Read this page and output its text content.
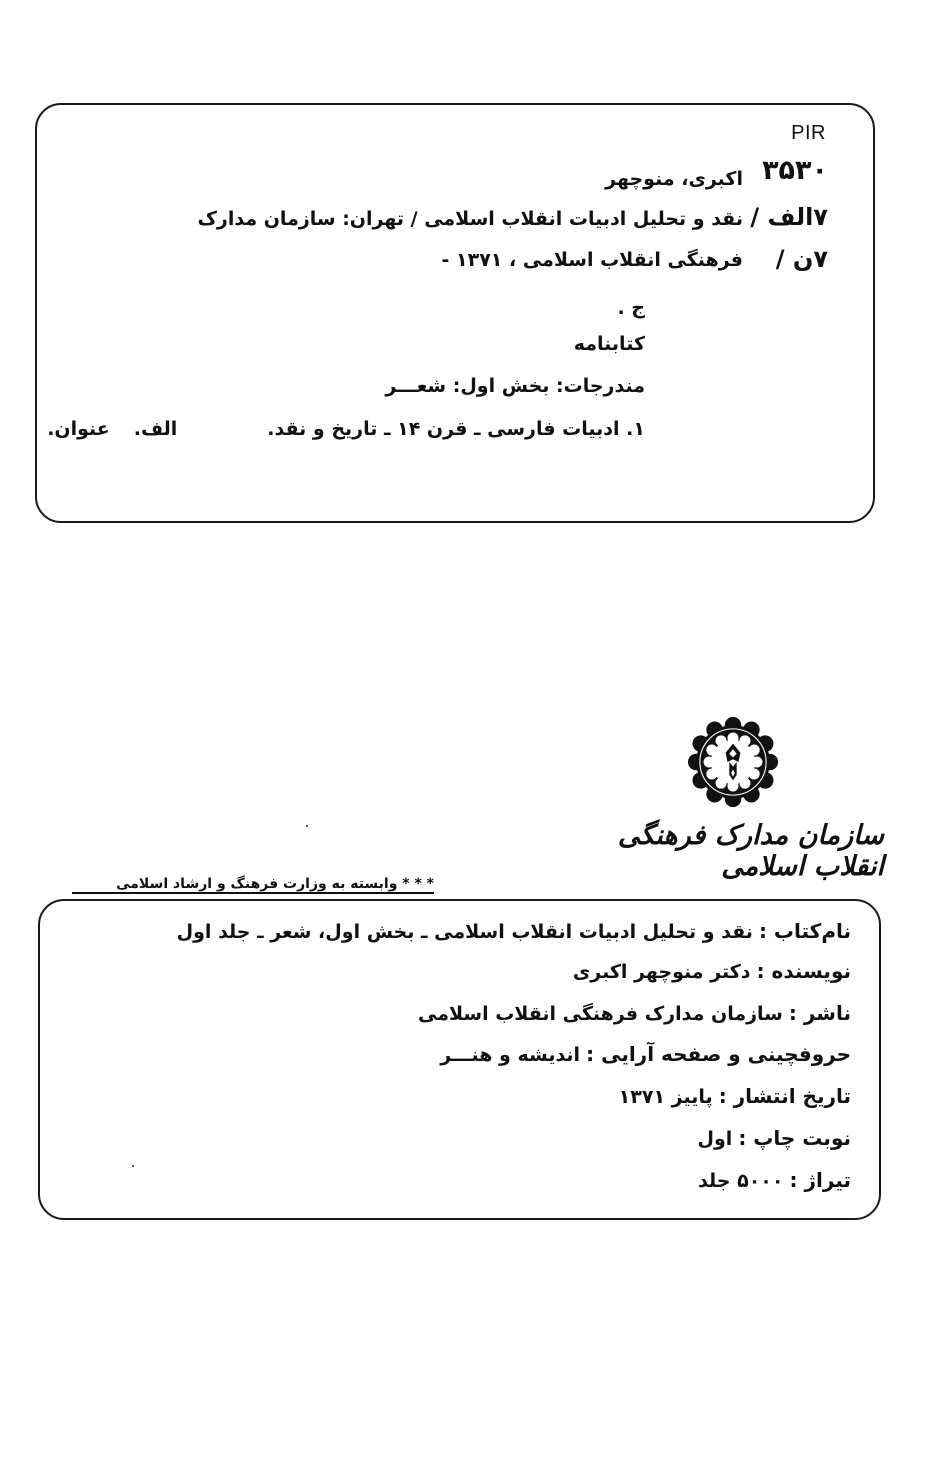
PIR
۳۵۳۰
۷الف /
۷ن /
اکبری، منوچهر
نقد و تحلیل ادبیات انقلاب اسلامی / تهران: سازمان مدارک
فرهنگی انقلاب اسلامی ، ۱۳۷۱ -
ج .
کتابنامه
مندرجات: بخش اول: شعـــر
۱. ادبیات فارسی ـ قرن ۱۴ ـ تاریخ و نقد.
الف.
عنوان.
سازمان مدارک فرهنگی انقلاب اسلامی
* * * وابسته به وزارت فرهنگ و ارشاد اسلامی
نام‌کتاب : نقد و تحلیل ادبیات انقلاب اسلامی ـ بخش اول، شعر ـ جلد اول
نویسنده : دکتر منوچهر اکبری
ناشر : سازمان مدارک فرهنگی انقلاب اسلامی
حروفچینی و صفحه آرایی : اندیشه و هنـــر
تاریخ انتشار : پاییز ۱۳۷۱
نوبت چاپ : اول
تیراژ : ۵۰۰۰ جلد
